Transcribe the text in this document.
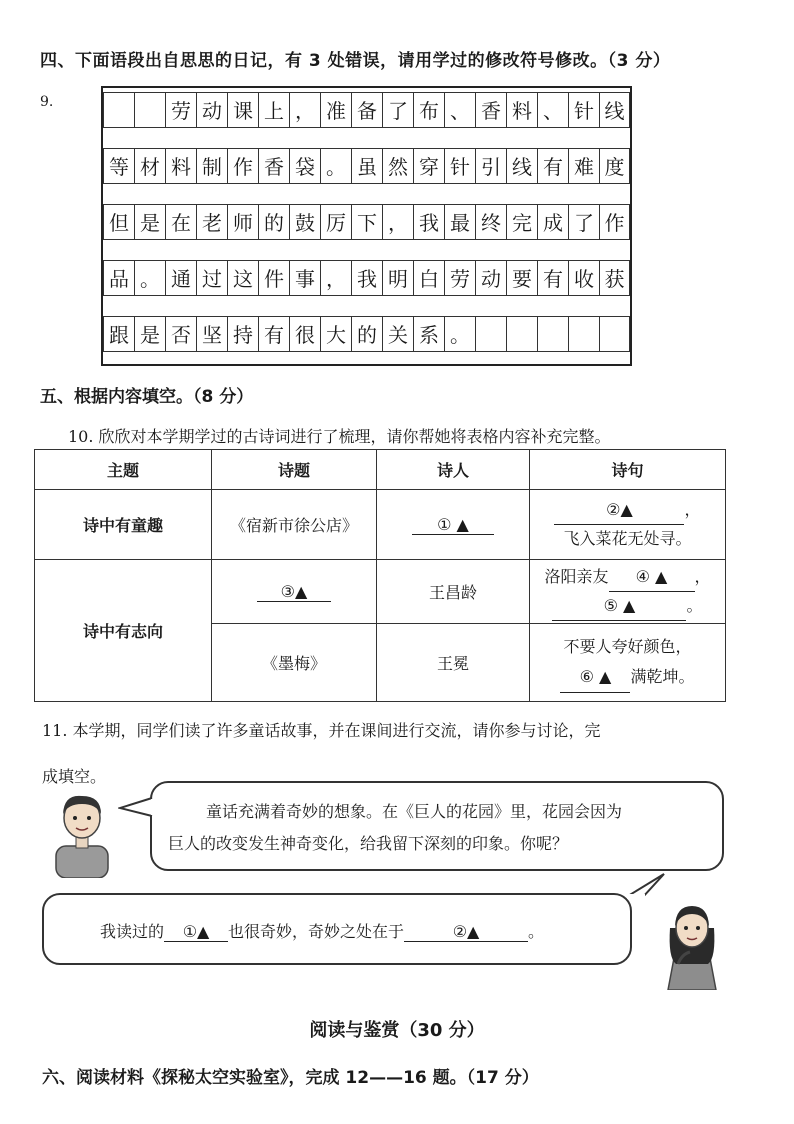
四、下面语段出自思思的日记，有 3 处错误，请用学过的修改符号修改。（3 分）
9.	劳 动 课 上 ， 准 备 了 布 、 香 料 、 针 线
等 材 料 制 作 香 袋 。 虽 然 穿 针 引 线 有 难 度
但 是 在 老 师 的 鼓 厉 下 ， 我 最 终 完 成 了 作
品 。 通 过 这 件 事 ， 我 明 白 劳 动 要 有 收 获
跟 是 否 坚 持 有 很 大 的 关 系 。
五、根据内容填空。（8 分）
10. 欣欣对本学期学过的古诗词进行了梳理，请你帮她将表格内容补充完整。
主题	诗题	诗人	诗句
诗中有童趣	《宿新市徐公店》	① ▲	②▲ ，
飞入菜花无处寻。
诗中有志向	③▲	王昌龄	洛阳亲友 ④ ▲ ，
⑤ ▲ 。
	《墨梅》	王冕	不要人夸好颜色，
⑥ ▲ 满乾坤。
11. 本学期，同学们读了许多童话故事，并在课间进行交流，请你参与讨论，完
成填空。
童话充满着奇妙的想象。在《巨人的花园》里，花园会因为
巨人的改变发生神奇变化，给我留下深刻的印象。你呢？
我读过的 ①▲ 也很奇妙，奇妙之处在于	②▲	。
阅读与鉴赏（30 分）
六、阅读材料《探秘太空实验室》，完成 12——16 题。（17 分）
